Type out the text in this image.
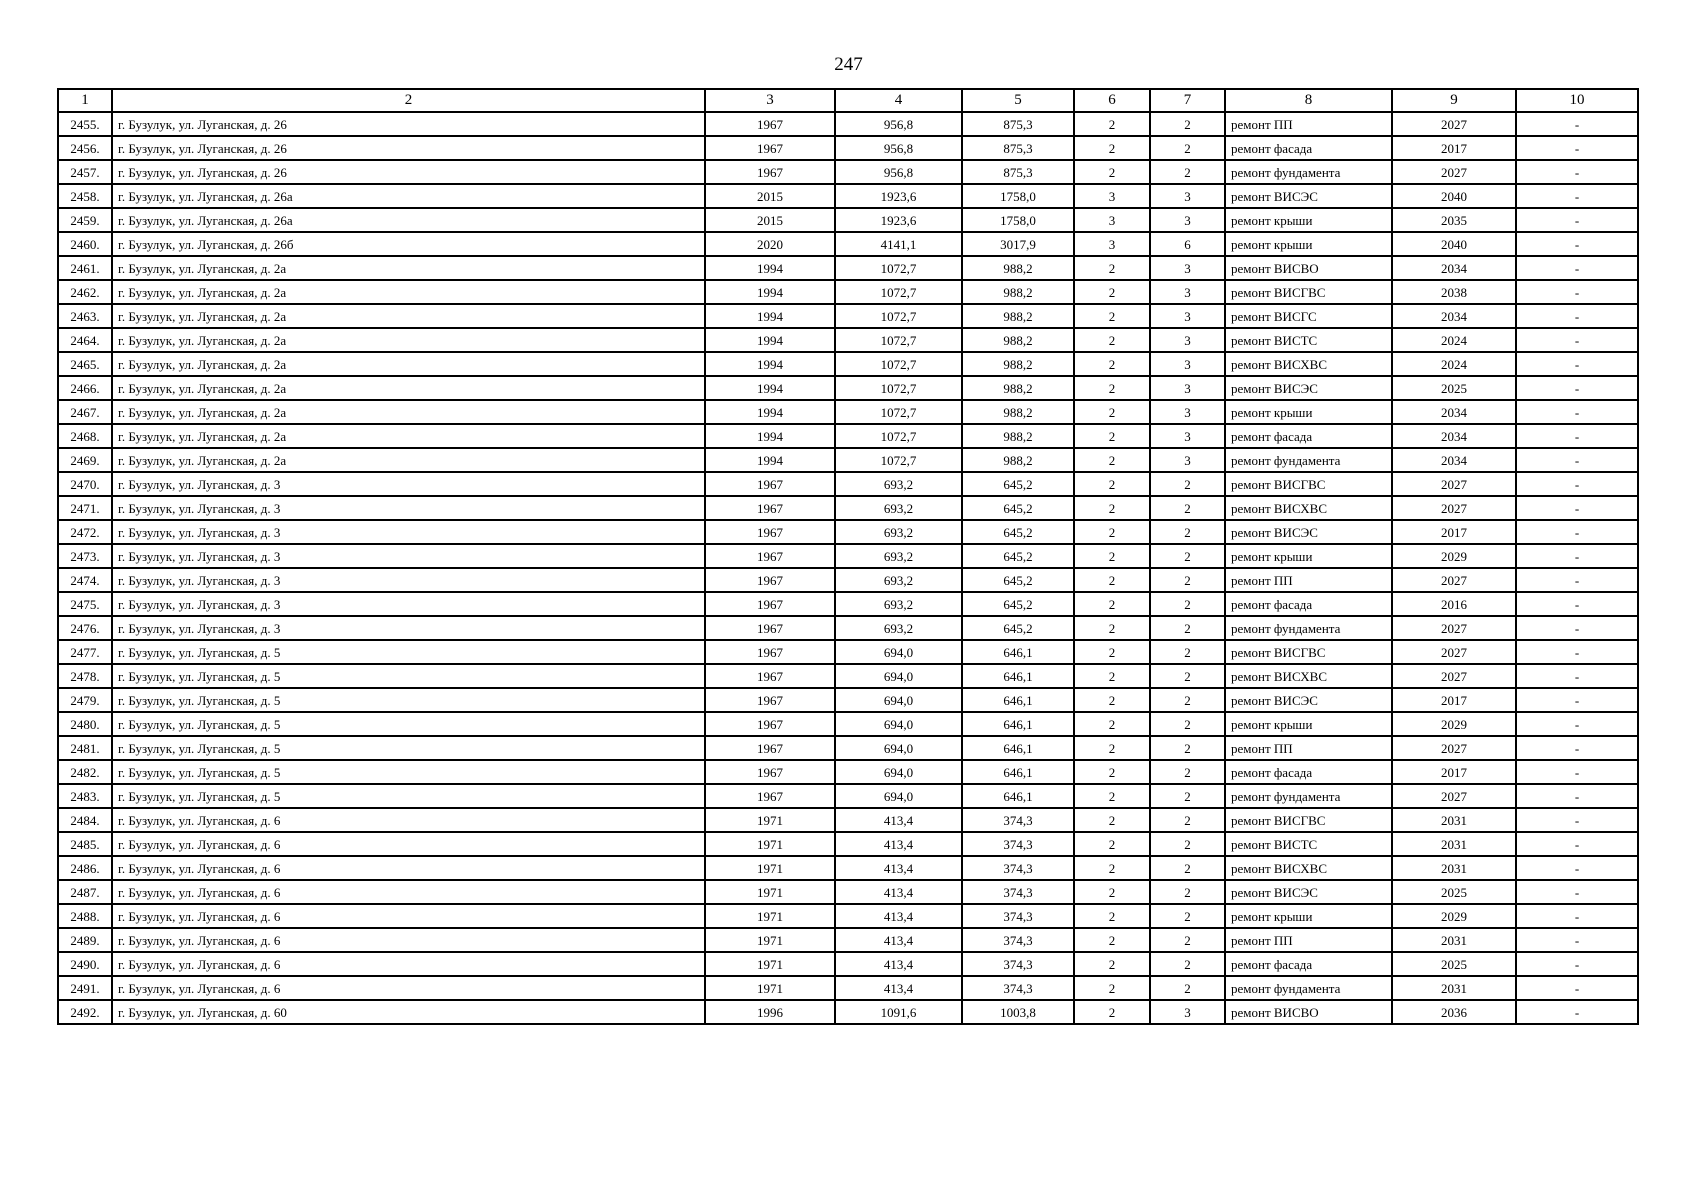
247
1	2	3	4	5	6	7	8	9	10
2455.	г. Бузулук, ул. Луганская, д. 26	1967	956,8	875,3	2	2	ремонт ПП	2027	-
2456.	г. Бузулук, ул. Луганская, д. 26	1967	956,8	875,3	2	2	ремонт фасада	2017	-
2457.	г. Бузулук, ул. Луганская, д. 26	1967	956,8	875,3	2	2	ремонт фундамента	2027	-
2458.	г. Бузулук, ул. Луганская, д. 26а	2015	1923,6	1758,0	3	3	ремонт ВИСЭС	2040	-
2459.	г. Бузулук, ул. Луганская, д. 26а	2015	1923,6	1758,0	3	3	ремонт крыши	2035	-
2460.	г. Бузулук, ул. Луганская, д. 26б	2020	4141,1	3017,9	3	6	ремонт крыши	2040	-
2461.	г. Бузулук, ул. Луганская, д. 2а	1994	1072,7	988,2	2	3	ремонт ВИСВО	2034	-
2462.	г. Бузулук, ул. Луганская, д. 2а	1994	1072,7	988,2	2	3	ремонт ВИСГВС	2038	-
2463.	г. Бузулук, ул. Луганская, д. 2а	1994	1072,7	988,2	2	3	ремонт ВИСГС	2034	-
2464.	г. Бузулук, ул. Луганская, д. 2а	1994	1072,7	988,2	2	3	ремонт ВИСТС	2024	-
2465.	г. Бузулук, ул. Луганская, д. 2а	1994	1072,7	988,2	2	3	ремонт ВИСХВС	2024	-
2466.	г. Бузулук, ул. Луганская, д. 2а	1994	1072,7	988,2	2	3	ремонт ВИСЭС	2025	-
2467.	г. Бузулук, ул. Луганская, д. 2а	1994	1072,7	988,2	2	3	ремонт крыши	2034	-
2468.	г. Бузулук, ул. Луганская, д. 2а	1994	1072,7	988,2	2	3	ремонт фасада	2034	-
2469.	г. Бузулук, ул. Луганская, д. 2а	1994	1072,7	988,2	2	3	ремонт фундамента	2034	-
2470.	г. Бузулук, ул. Луганская, д. 3	1967	693,2	645,2	2	2	ремонт ВИСГВС	2027	-
2471.	г. Бузулук, ул. Луганская, д. 3	1967	693,2	645,2	2	2	ремонт ВИСХВС	2027	-
2472.	г. Бузулук, ул. Луганская, д. 3	1967	693,2	645,2	2	2	ремонт ВИСЭС	2017	-
2473.	г. Бузулук, ул. Луганская, д. 3	1967	693,2	645,2	2	2	ремонт крыши	2029	-
2474.	г. Бузулук, ул. Луганская, д. 3	1967	693,2	645,2	2	2	ремонт ПП	2027	-
2475.	г. Бузулук, ул. Луганская, д. 3	1967	693,2	645,2	2	2	ремонт фасада	2016	-
2476.	г. Бузулук, ул. Луганская, д. 3	1967	693,2	645,2	2	2	ремонт фундамента	2027	-
2477.	г. Бузулук, ул. Луганская, д. 5	1967	694,0	646,1	2	2	ремонт ВИСГВС	2027	-
2478.	г. Бузулук, ул. Луганская, д. 5	1967	694,0	646,1	2	2	ремонт ВИСХВС	2027	-
2479.	г. Бузулук, ул. Луганская, д. 5	1967	694,0	646,1	2	2	ремонт ВИСЭС	2017	-
2480.	г. Бузулук, ул. Луганская, д. 5	1967	694,0	646,1	2	2	ремонт крыши	2029	-
2481.	г. Бузулук, ул. Луганская, д. 5	1967	694,0	646,1	2	2	ремонт ПП	2027	-
2482.	г. Бузулук, ул. Луганская, д. 5	1967	694,0	646,1	2	2	ремонт фасада	2017	-
2483.	г. Бузулук, ул. Луганская, д. 5	1967	694,0	646,1	2	2	ремонт фундамента	2027	-
2484.	г. Бузулук, ул. Луганская, д. 6	1971	413,4	374,3	2	2	ремонт ВИСГВС	2031	-
2485.	г. Бузулук, ул. Луганская, д. 6	1971	413,4	374,3	2	2	ремонт ВИСТС	2031	-
2486.	г. Бузулук, ул. Луганская, д. 6	1971	413,4	374,3	2	2	ремонт ВИСХВС	2031	-
2487.	г. Бузулук, ул. Луганская, д. 6	1971	413,4	374,3	2	2	ремонт ВИСЭС	2025	-
2488.	г. Бузулук, ул. Луганская, д. 6	1971	413,4	374,3	2	2	ремонт крыши	2029	-
2489.	г. Бузулук, ул. Луганская, д. 6	1971	413,4	374,3	2	2	ремонт ПП	2031	-
2490.	г. Бузулук, ул. Луганская, д. 6	1971	413,4	374,3	2	2	ремонт фасада	2025	-
2491.	г. Бузулук, ул. Луганская, д. 6	1971	413,4	374,3	2	2	ремонт фундамента	2031	-
2492.	г. Бузулук, ул. Луганская, д. 60	1996	1091,6	1003,8	2	3	ремонт ВИСВО	2036	-
